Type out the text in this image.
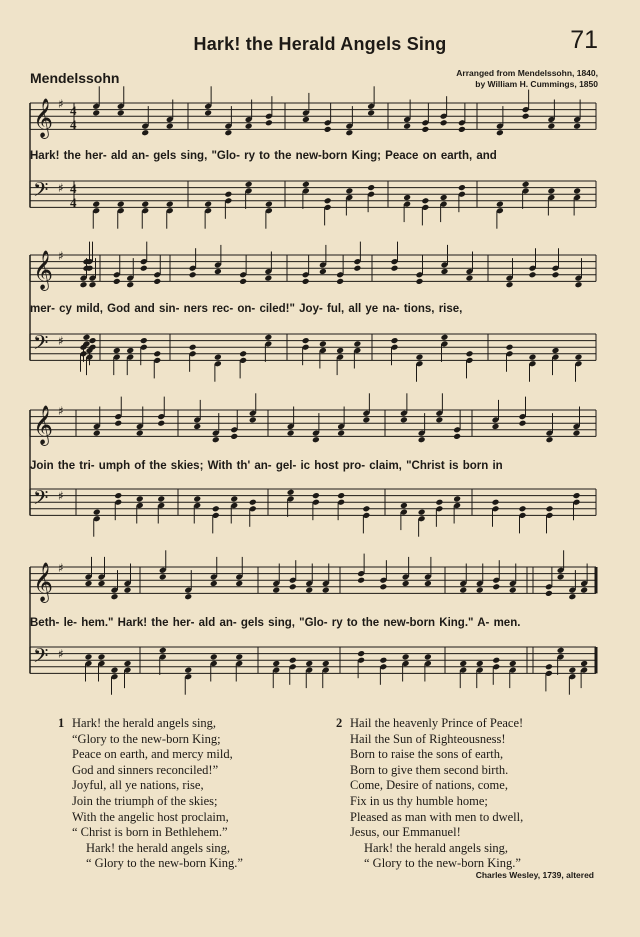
Hark! the Herald Angels Sing	71
Mendelssohn	Arranged from Mendelssohn, 1840,
by William H. Cummings, 1850
𝄞 ♯ 4
4
𝄢 ♯ 4
4
𝄞 ♯
𝄢 ♯
𝄞 ♯
𝄢 ♯
𝄞 ♯
𝄢 ♯
Hark! the her- ald an- gels sing, "Glo- ry to the new-born King; Peace on earth, and
mer- cy mild, God and sin- ners rec- on- ciled!" Joy- ful, all ye na- tions, rise,
Join the tri- umph of the skies; With th' an- gel- ic host pro- claim, "Christ is born in
Beth- le- hem." Hark! the her- ald an- gels sing, "Glo- ry to the new-born King." A- men.
1 Hark! the herald angels sing,
“Glory to the new-born King;
Peace on earth, and mercy mild,
God and sinners reconciled!”
Joyful, all ye nations, rise,
Join the triumph of the skies;
With the angelic host proclaim,
“ Christ is born in Bethlehem.”
Hark! the herald angels sing,
“ Glory to the new-born King.”
2 Hail the heavenly Prince of Peace!
Hail the Sun of Righteousness!
Born to raise the sons of earth,
Born to give them second birth.
Come, Desire of nations, come,
Fix in us thy humble home;
Pleased as man with men to dwell,
Jesus, our Emmanuel!
Hark! the herald angels sing,
“ Glory to the new-born King.”
Charles Wesley, 1739, altered
